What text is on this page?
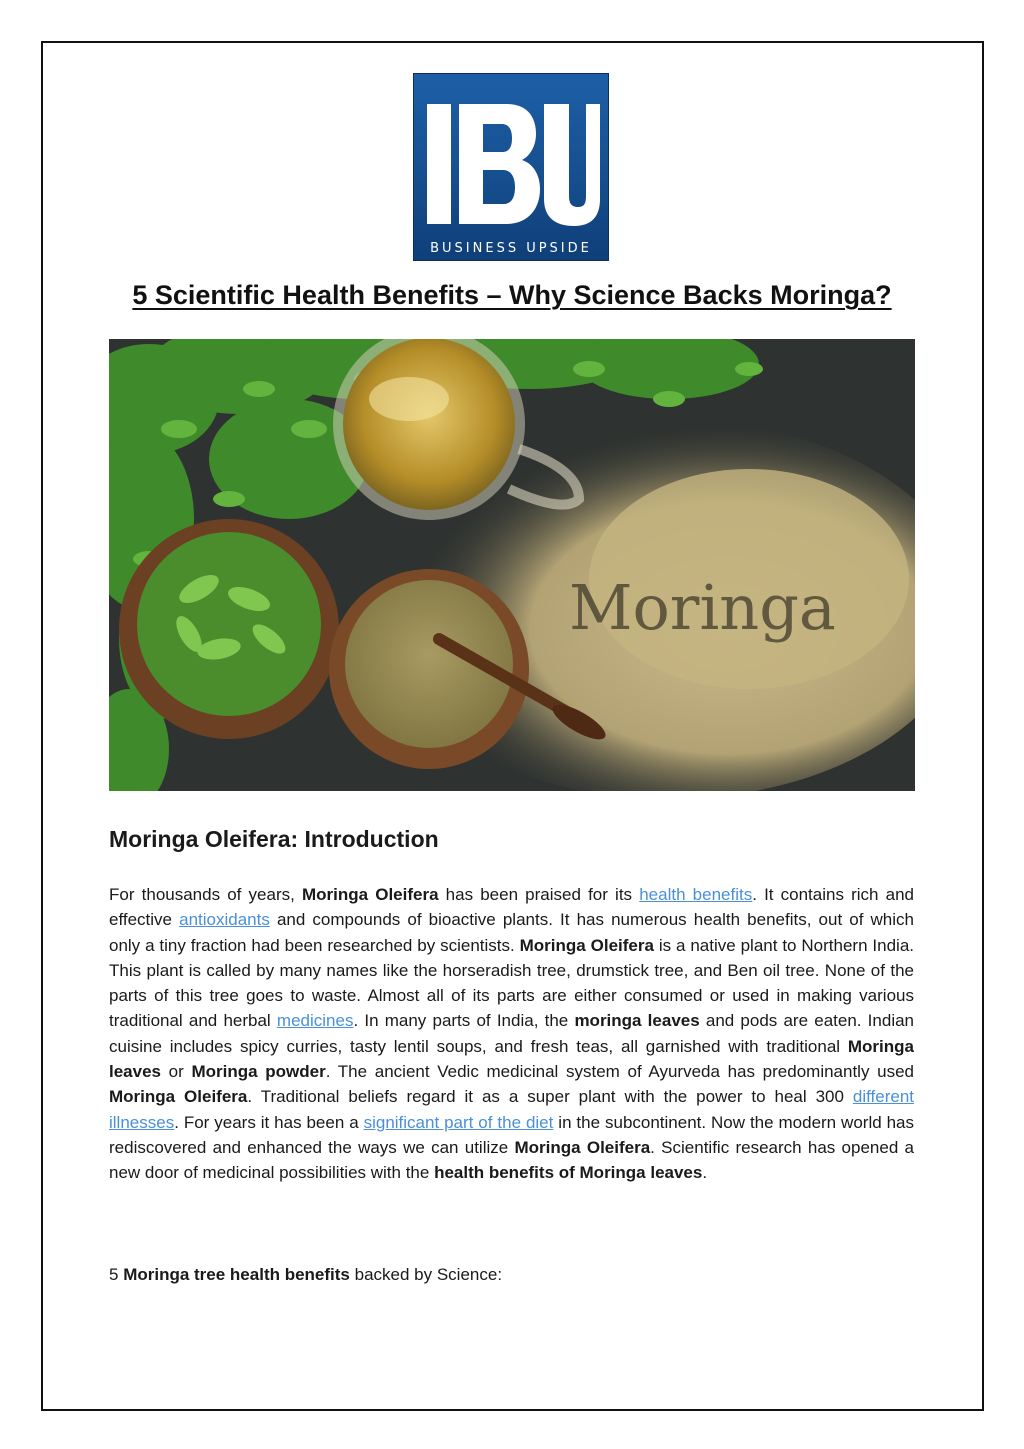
BUSINESS UPSIDE
5 Scientific Health Benefits – Why Science Backs Moringa?
Moringa
Moringa Oleifera: Introduction

For thousands of years, Moringa Oleifera has been praised for its health benefits. It contains rich and effective antioxidants and compounds of bioactive plants. It has numerous health benefits, out of which only a tiny fraction had been researched by scientists. Moringa Oleifera is a native plant to Northern India. This plant is called by many names like the horseradish tree, drumstick tree, and Ben oil tree. None of the parts of this tree goes to waste. Almost all of its parts are either consumed or used in making various traditional and herbal medicines. In many parts of India, the moringa leaves and pods are eaten. Indian cuisine includes spicy curries, tasty lentil soups, and fresh teas, all garnished with traditional Moringa leaves or Moringa powder. The ancient Vedic medicinal system of Ayurveda has predominantly used Moringa Oleifera. Traditional beliefs regard it as a super plant with the power to heal 300 different illnesses. For years it has been a significant part of the diet in the subcontinent. Now the modern world has rediscovered and enhanced the ways we can utilize Moringa Oleifera. Scientific research has opened a new door of medicinal possibilities with the health benefits of Moringa leaves.

5 Moringa tree health benefits backed by Science:
